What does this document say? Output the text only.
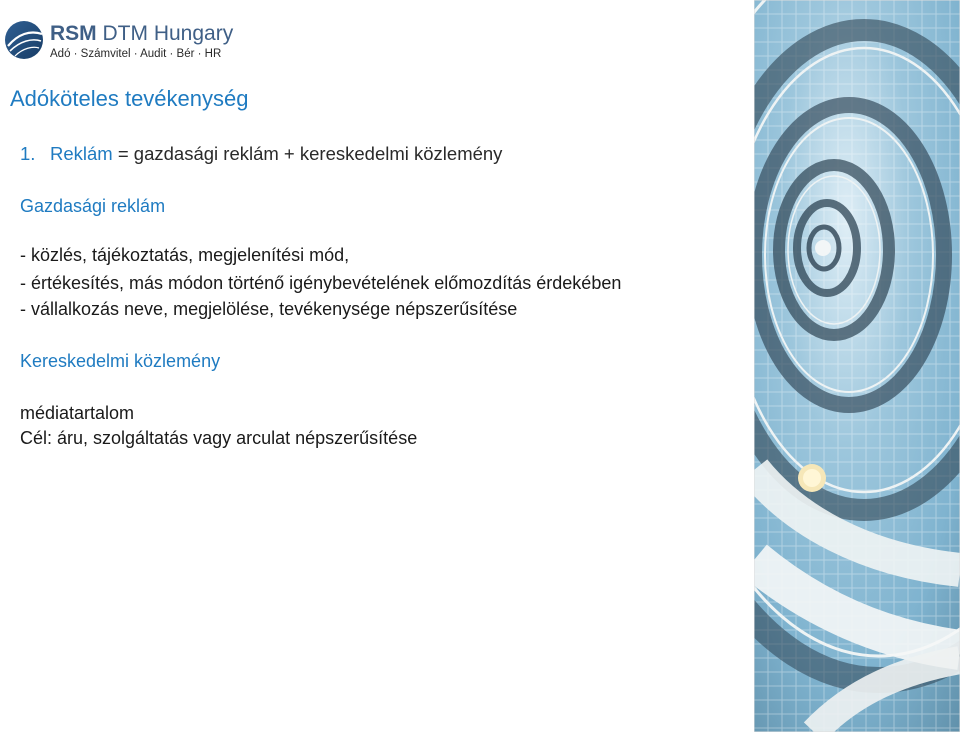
RSM DTM Hungary
Adó · Számvitel · Audit · Bér · HR
Adóköteles tevékenység
1. Reklám = gazdasági reklám + kereskedelmi közlemény
Gazdasági reklám
- közlés, tájékoztatás, megjelenítési mód,
- értékesítés, más módon történő igénybevételének előmozdítás érdekében
- vállalkozás neve, megjelölése, tevékenysége népszerűsítése
Kereskedelmi közlemény
médiatartalom
Cél: áru, szolgáltatás vagy arculat népszerűsítése
